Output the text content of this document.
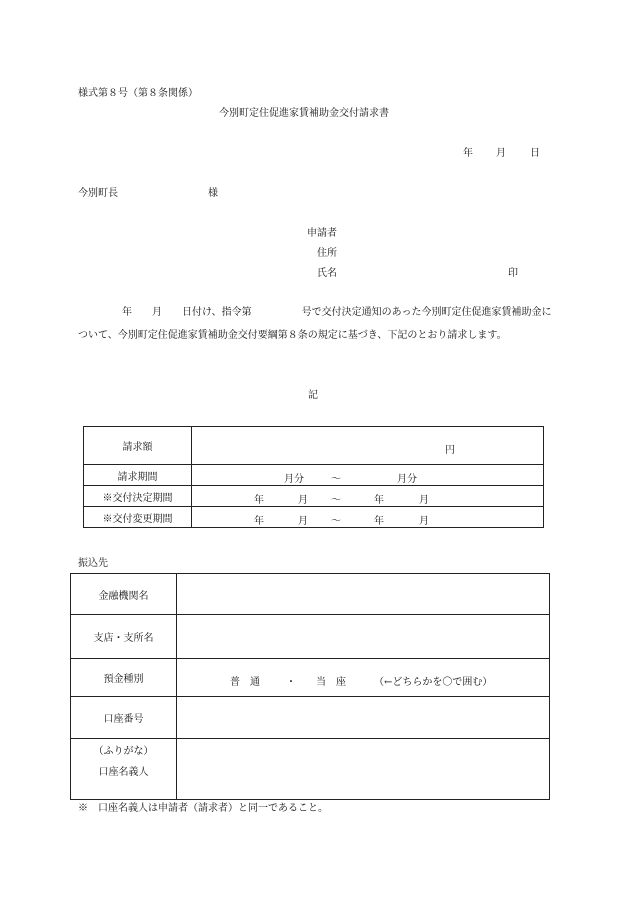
様式第８号（第８条関係）
今別町定住促進家賃補助金交付請求書
年 月 日
今別町長	様
申請者
住所
氏名	印
年 月 日付け、指令第	号で交付決定通知のあった今別町定住促進家賃補助金について、今別町定住促進家賃補助金交付要綱第８条の規定に基づき、下記のとおり請求します。
記
請求額	円

請求期間	月分 ～ 月分

※交付決定期間	年 月 ～ 年 月

※交付変更期間	年 月 ～ 年 月
振込先
金融機関名	
支店・支所名	
預金種別	普　通 ・ 当　座 （←どちらかを〇で囲む）

口座番号	

（ふりがな）
口座名義人	

※　口座名義人は申請者（請求者）と同一であること。
